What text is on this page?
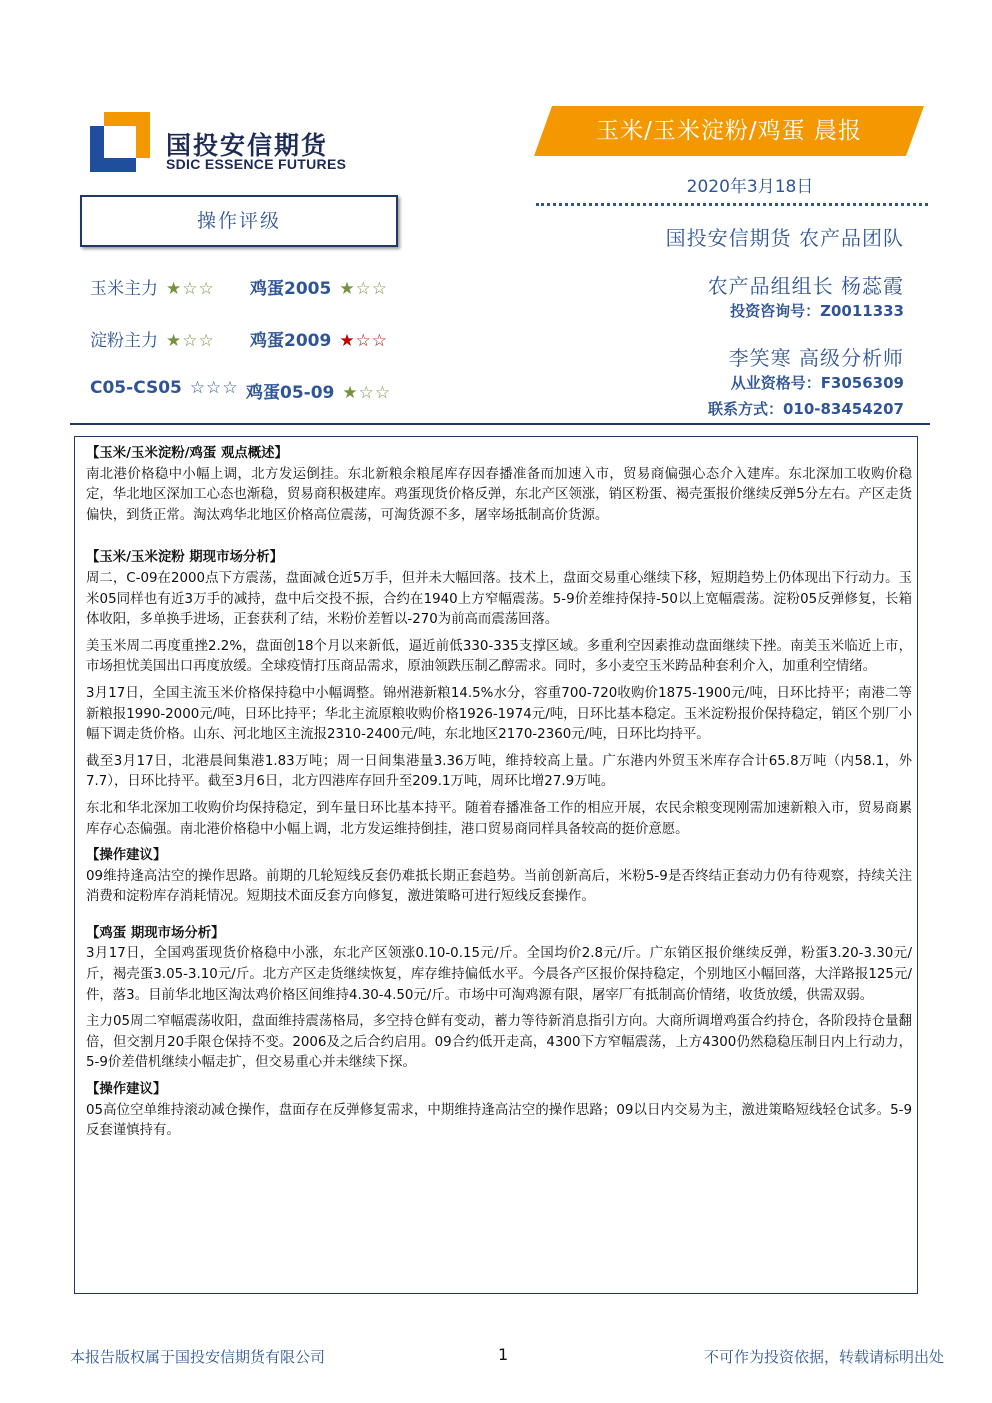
国投安信期货
SDIC ESSENCE FUTURES
玉米/玉米淀粉/鸡蛋 晨报
2020年3月18日
国投安信期货 农产品团队
农产品组组长 杨蕊霞
投资咨询号：Z0011333
李笑寒 高级分析师
从业资格号：F3056309
联系方式：010-83454207
操作评级
玉米主力 ★☆☆ 鸡蛋2005 ★☆☆
淀粉主力 ★☆☆ 鸡蛋2009 ★☆☆
C05-CS05 ☆☆☆ 鸡蛋05-09 ★☆☆

【玉米/玉米淀粉/鸡蛋 观点概述】

南北港价格稳中小幅上调，北方发运倒挂。东北新粮余粮尾库存因春播准备而加速入市，贸易商偏强心态介入建库。东北深加工收购价稳定，华北地区深加工心态也渐稳，贸易商积极建库。鸡蛋现货价格反弹，东北产区领涨，销区粉蛋、褐壳蛋报价继续反弹5分左右。产区走货偏快，到货正常。淘汰鸡华北地区价格高位震荡，可淘货源不多，屠宰场抵制高价货源。

【玉米/玉米淀粉 期现市场分析】

周二，C-09在2000点下方震荡，盘面减仓近5万手，但并未大幅回落。技术上，盘面交易重心继续下移，短期趋势上仍体现出下行动力。玉米05同样也有近3万手的减持，盘中后交投不振，合约在1940上方窄幅震荡。5-9价差维持保持-50以上宽幅震荡。淀粉05反弹修复，长箱体收阳，多单换手进场，正套获利了结，米粉价差暂以-270为前高而震荡回落。

美玉米周二再度重挫2.2%，盘面创18个月以来新低，逼近前低330-335支撑区域。多重利空因素推动盘面继续下挫。南美玉米临近上市，市场担忧美国出口再度放缓。全球疫情打压商品需求，原油领跌压制乙醇需求。同时，多小麦空玉米跨品种套利介入，加重利空情绪。

3月17日，全国主流玉米价格保持稳中小幅调整。锦州港新粮14.5%水分，容重700-720收购价1875-1900元/吨，日环比持平；南港二等新粮报1990-2000元/吨，日环比持平；华北主流原粮收购价格1926-1974元/吨，日环比基本稳定。玉米淀粉报价保持稳定，销区个别厂小幅下调走货价格。山东、河北地区主流报2310-2400元/吨，东北地区2170-2360元/吨，日环比均持平。

截至3月17日，北港晨间集港1.83万吨；周一日间集港量3.36万吨，维持较高上量。广东港内外贸玉米库存合计65.8万吨（内58.1，外7.7），日环比持平。截至3月6日，北方四港库存回升至209.1万吨，周环比增27.9万吨。

东北和华北深加工收购价均保持稳定，到车量日环比基本持平。随着春播准备工作的相应开展，农民余粮变现刚需加速新粮入市，贸易商累库存心态偏强。南北港价格稳中小幅上调，北方发运维持倒挂，港口贸易商同样具备较高的挺价意愿。

【操作建议】

09维持逢高沽空的操作思路。前期的几轮短线反套仍难抵长期正套趋势。当前创新高后，米粉5-9是否终结正套动力仍有待观察，持续关注消费和淀粉库存消耗情况。短期技术面反套方向修复，激进策略可进行短线反套操作。

【鸡蛋 期现市场分析】

3月17日，全国鸡蛋现货价格稳中小涨，东北产区领涨0.10-0.15元/斤。全国均价2.8元/斤。广东销区报价继续反弹，粉蛋3.20-3.30元/斤，褐壳蛋3.05-3.10元/斤。北方产区走货继续恢复，库存维持偏低水平。今晨各产区报价保持稳定，个别地区小幅回落，大洋路报125元/件，落3。目前华北地区淘汰鸡价格区间维持4.30-4.50元/斤。市场中可淘鸡源有限，屠宰厂有抵制高价情绪，收货放缓，供需双弱。

主力05周二窄幅震荡收阳，盘面维持震荡格局，多空持仓鲜有变动，蓄力等待新消息指引方向。大商所调增鸡蛋合约持仓，各阶段持仓量翻倍，但交割月20手限仓保持不变。2006及之后合约启用。09合约低开走高，4300下方窄幅震荡，上方4300仍然稳稳压制日内上行动力，5-9价差借机继续小幅走扩，但交易重心并未继续下探。

【操作建议】

05高位空单维持滚动减仓操作，盘面存在反弹修复需求，中期维持逢高沽空的操作思路；09以日内交易为主，激进策略短线轻仓试多。5-9反套谨慎持有。

本报告版权属于国投安信期货有限公司	1	不可作为投资依据，转载请标明出处
